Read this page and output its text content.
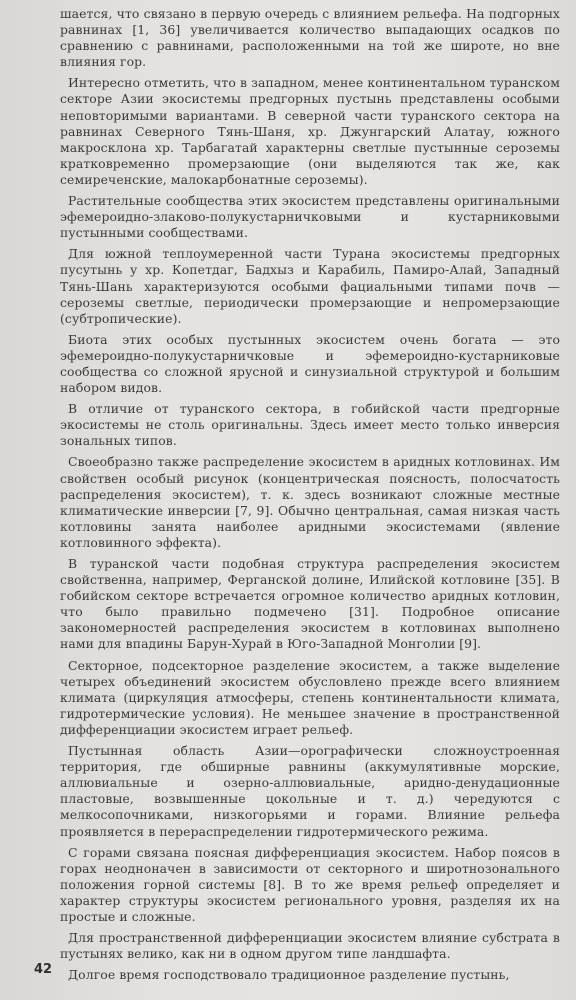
шается, что связано в первую очередь с влиянием рельефа. На подгорных равнинах [1, 36] увеличивается количество выпадающих осадков по сравнению с равнинами, расположенными на той же широте, но вне влияния гор.

Интересно отметить, что в западном, менее континентальном туранском секторе Азии экосистемы предгорных пустынь представлены особыми неповторимыми вариантами. В северной части туранского сектора на равнинах Северного Тянь-Шаня, хр. Джунгарский Алатау, южного макросклона хр. Тарбагатай характерны светлые пустынные сероземы кратковременно промерзающие (они выделяются так же, как семиреченские, малокарбонатные сероземы).

Растительные сообщества этих экосистем представлены оригинальными эфемероидно-злаково-полукустарничковыми и кустарниковыми пустынными сообществами.

Для южной теплоумеренной части Турана экосистемы предгорных пусутынь у хр. Копетдаг, Бадхыз и Карабиль, Памиро-Алай, Западный Тянь-Шань характеризуются особыми фациальными типами почв — сероземы светлые, периодически промерзающие и непромерзающие (субтропические).

Биота этих особых пустынных экосистем очень богата — это эфемероидно-полукустарничковые и эфемероидно-кустарниковые сообщества со сложной ярусной и синузиальной структурой и большим набором видов.

В отличие от туранского сектора, в гобийской части предгорные экосистемы не столь оригинальны. Здесь имеет место только инверсия зональных типов.

Своеобразно также распределение экосистем в аридных котловинах. Им свойствен особый рисунок (концентрическая поясность, полосчатость распределения экосистем), т. к. здесь возникают сложные местные климатические инверсии [7, 9]. Обычно центральная, самая низкая часть котловины занята наиболее аридными экосистемами (явление котловинного эффекта).

В туранской части подобная структура распределения экосистем свойственна, например, Ферганской долине, Илийской котловине [35]. В гобийском секторе встречается огромное количество аридных котловин, что было правильно подмечено [31]. Подробное описание закономерностей распределения экосистем в котловинах выполнено нами для впадины Барун-Хурай в Юго-Западной Монголии [9].

Секторное, подсекторное разделение экосистем, а также выделение четырех объединений экосистем обусловлено прежде всего влиянием климата (циркуляция атмосферы, степень континентальности климата, гидротермические условия). Не меньшее значение в пространственной дифференциации экосистем играет рельеф.

Пустынная область Азии—орографически сложноустроенная территория, где обширные равнины (аккумулятивные морские, аллювиальные и озерно-аллювиальные, аридно-денудационные пластовые, возвышенные цокольные и т. д.) чередуются с мелкосопочниками, низкогорьями и горами. Влияние рельефа проявляется в перераспределении гидротермического режима.

С горами связана поясная дифференциация экосистем. Набор поясов в горах неодноначен в зависимости от секторного и широтнозонального положения горной системы [8]. В то же время рельеф определяет и характер структуры экосистем регионального уровня, разделяя их на простые и сложные.

Для пространственной дифференциации экосистем влияние субстрата в пустынях велико, как ни в одном другом типе ландшафта.

Долгое время господствовало традиционное разделение пустынь,

42
